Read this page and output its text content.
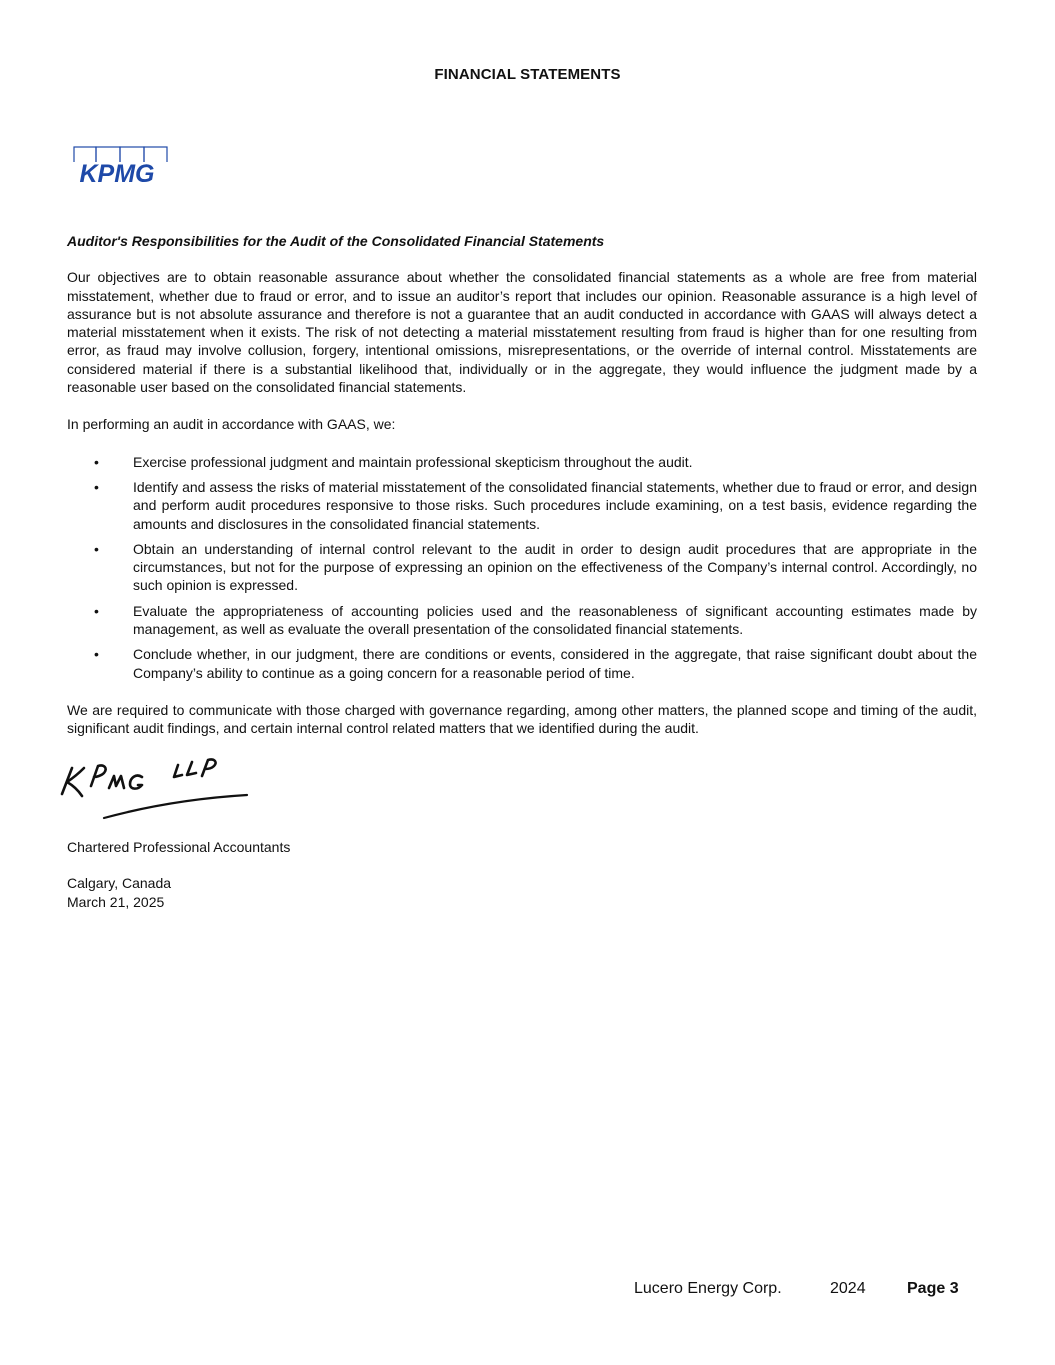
FINANCIAL STATEMENTS
KPMG
Auditor's Responsibilities for the Audit of the Consolidated Financial Statements

Our objectives are to obtain reasonable assurance about whether the consolidated financial statements as a whole are free from material misstatement, whether due to fraud or error, and to issue an auditor’s report that includes our opinion. Reasonable assurance is a high level of assurance but is not absolute assurance and therefore is not a guarantee that an audit conducted in accordance with GAAS will always detect a material misstatement when it exists. The risk of not detecting a material misstatement resulting from fraud is higher than for one resulting from error, as fraud may involve collusion, forgery, intentional omissions, misrepresentations, or the override of internal control. Misstatements are considered material if there is a substantial likelihood that, individually or in the aggregate, they would influence the judgment made by a reasonable user based on the consolidated financial statements.

In performing an audit in accordance with GAAS, we:

• Exercise professional judgment and maintain professional skepticism throughout the audit.
• Identify and assess the risks of material misstatement of the consolidated financial statements, whether due to fraud or error, and design and perform audit procedures responsive to those risks. Such procedures include examining, on a test basis, evidence regarding the amounts and disclosures in the consolidated financial statements.
• Obtain an understanding of internal control relevant to the audit in order to design audit procedures that are appropriate in the circumstances, but not for the purpose of expressing an opinion on the effectiveness of the Company’s internal control. Accordingly, no such opinion is expressed.
• Evaluate the appropriateness of accounting policies used and the reasonableness of significant accounting estimates made by management, as well as evaluate the overall presentation of the consolidated financial statements.
• Conclude whether, in our judgment, there are conditions or events, considered in the aggregate, that raise significant doubt about the Company’s ability to continue as a going concern for a reasonable period of time.

We are required to communicate with those charged with governance regarding, among other matters, the planned scope and timing of the audit, significant audit findings, and certain internal control related matters that we identified during the audit.

Chartered Professional Accountants
Calgary, Canada
March 21, 2025
Lucero Energy Corp.	2024	Page 3
